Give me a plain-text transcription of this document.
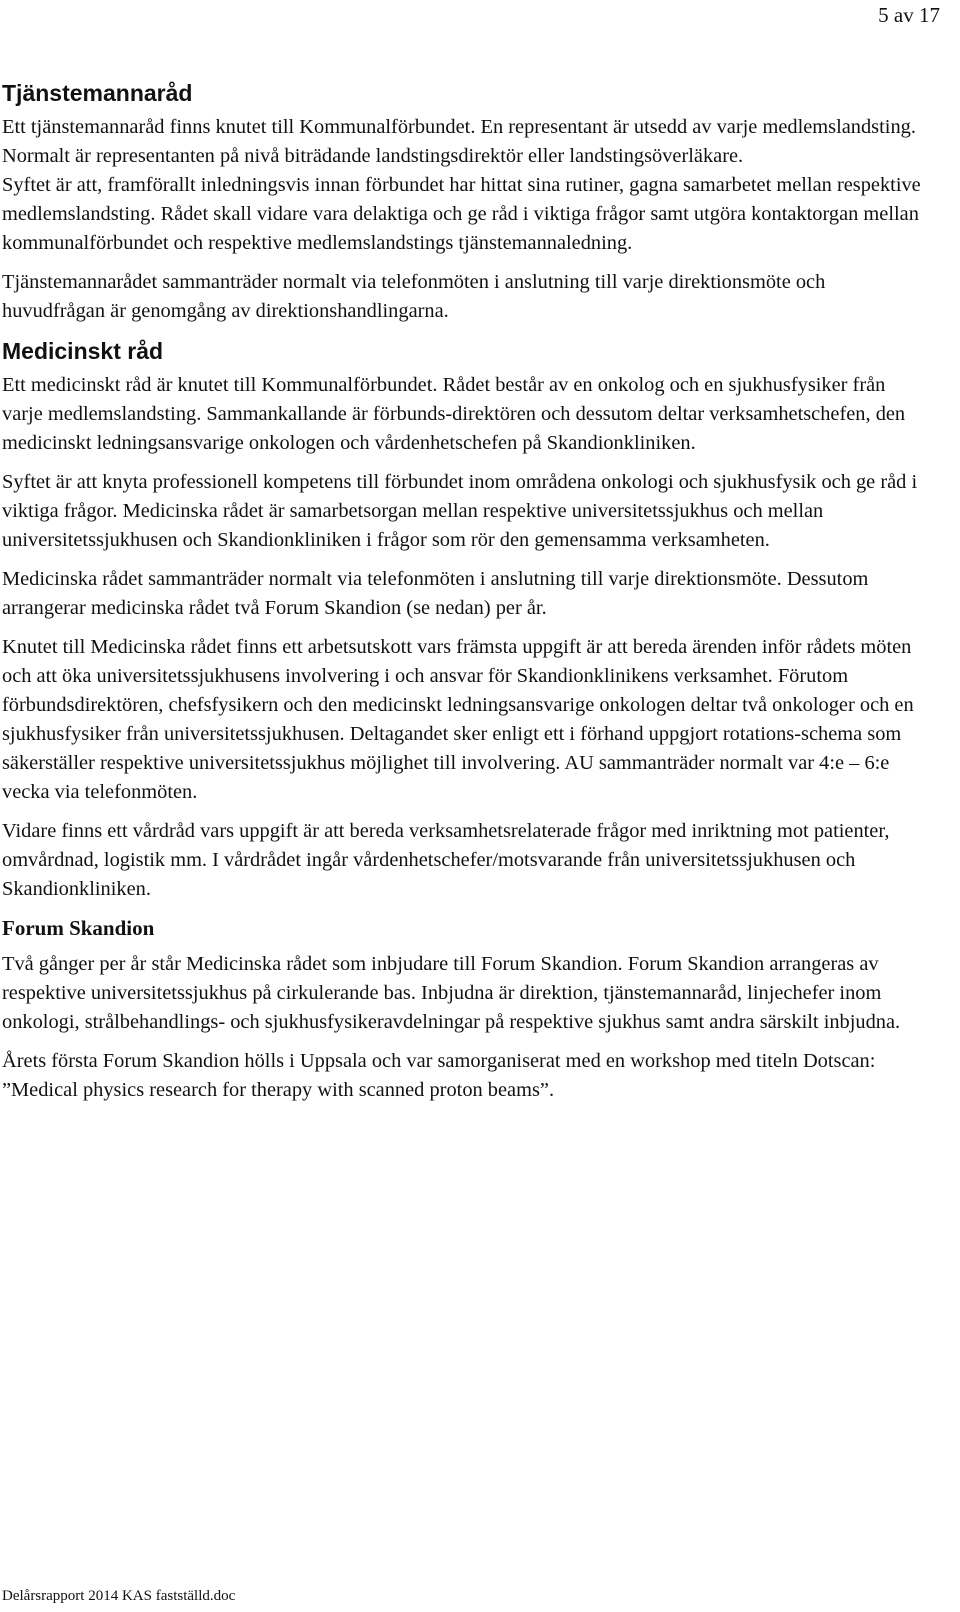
5 av 17
Tjänstemannaråd

Ett tjänstemannaråd finns knutet till Kommunalförbundet. En representant är utsedd av varje medlemslandsting. Normalt är representanten på nivå biträdande landstingsdirektör eller landstingsöverläkare.

Syftet är att, framförallt inledningsvis innan förbundet har hittat sina rutiner, gagna samarbetet mellan respektive medlemslandsting. Rådet skall vidare vara delaktiga och ge råd i viktiga frågor samt utgöra kontaktorgan mellan kommunalförbundet och respektive medlemslandstings tjänstemannaledning.

Tjänstemannarådet sammanträder normalt via telefonmöten i anslutning till varje direktionsmöte och huvudfrågan är genomgång av direktionshandlingarna.

Medicinskt råd

Ett medicinskt råd är knutet till Kommunalförbundet. Rådet består av en onkolog och en sjukhusfysiker från varje medlemslandsting. Sammankallande är förbunds-direktören och dessutom deltar verksamhetschefen, den medicinskt ledningsansvarige onkologen och vårdenhetschefen på Skandionkliniken.

Syftet är att knyta professionell kompetens till förbundet inom områdena onkologi och sjukhusfysik och ge råd i viktiga frågor. Medicinska rådet är samarbetsorgan mellan respektive universitetssjukhus och mellan universitetssjukhusen och Skandionkliniken i frågor som rör den gemensamma verksamheten.

Medicinska rådet sammanträder normalt via telefonmöten i anslutning till varje direktionsmöte. Dessutom arrangerar medicinska rådet två Forum Skandion (se nedan) per år.

Knutet till Medicinska rådet finns ett arbetsutskott vars främsta uppgift är att bereda ärenden inför rådets möten och att öka universitetssjukhusens involvering i och ansvar för Skandionklinikens verksamhet. Förutom förbundsdirektören, chefsfysikern och den medicinskt ledningsansvarige onkologen deltar två onkologer och en sjukhusfysiker från universitetssjukhusen. Deltagandet sker enligt ett i förhand uppgjort rotations-schema som säkerställer respektive universitetssjukhus möjlighet till involvering. AU sammanträder normalt var 4:e – 6:e vecka via telefonmöten.

Vidare finns ett vårdråd vars uppgift är att bereda verksamhetsrelaterade frågor med inriktning mot patienter, omvårdnad, logistik mm. I vårdrådet ingår vårdenhetschefer/motsvarande från universitetssjukhusen och Skandionkliniken.

Forum Skandion

Två gånger per år står Medicinska rådet som inbjudare till Forum Skandion. Forum Skandion arrangeras av respektive universitetssjukhus på cirkulerande bas. Inbjudna är direktion, tjänstemannaråd, linjechefer inom onkologi, strålbehandlings- och sjukhusfysikeravdelningar på respektive sjukhus samt andra särskilt inbjudna.

Årets första Forum Skandion hölls i Uppsala och var samorganiserat med en workshop med titeln Dotscan: ”Medical physics research for therapy with scanned proton beams”.

Delårsrapport 2014 KAS fastställd.doc
